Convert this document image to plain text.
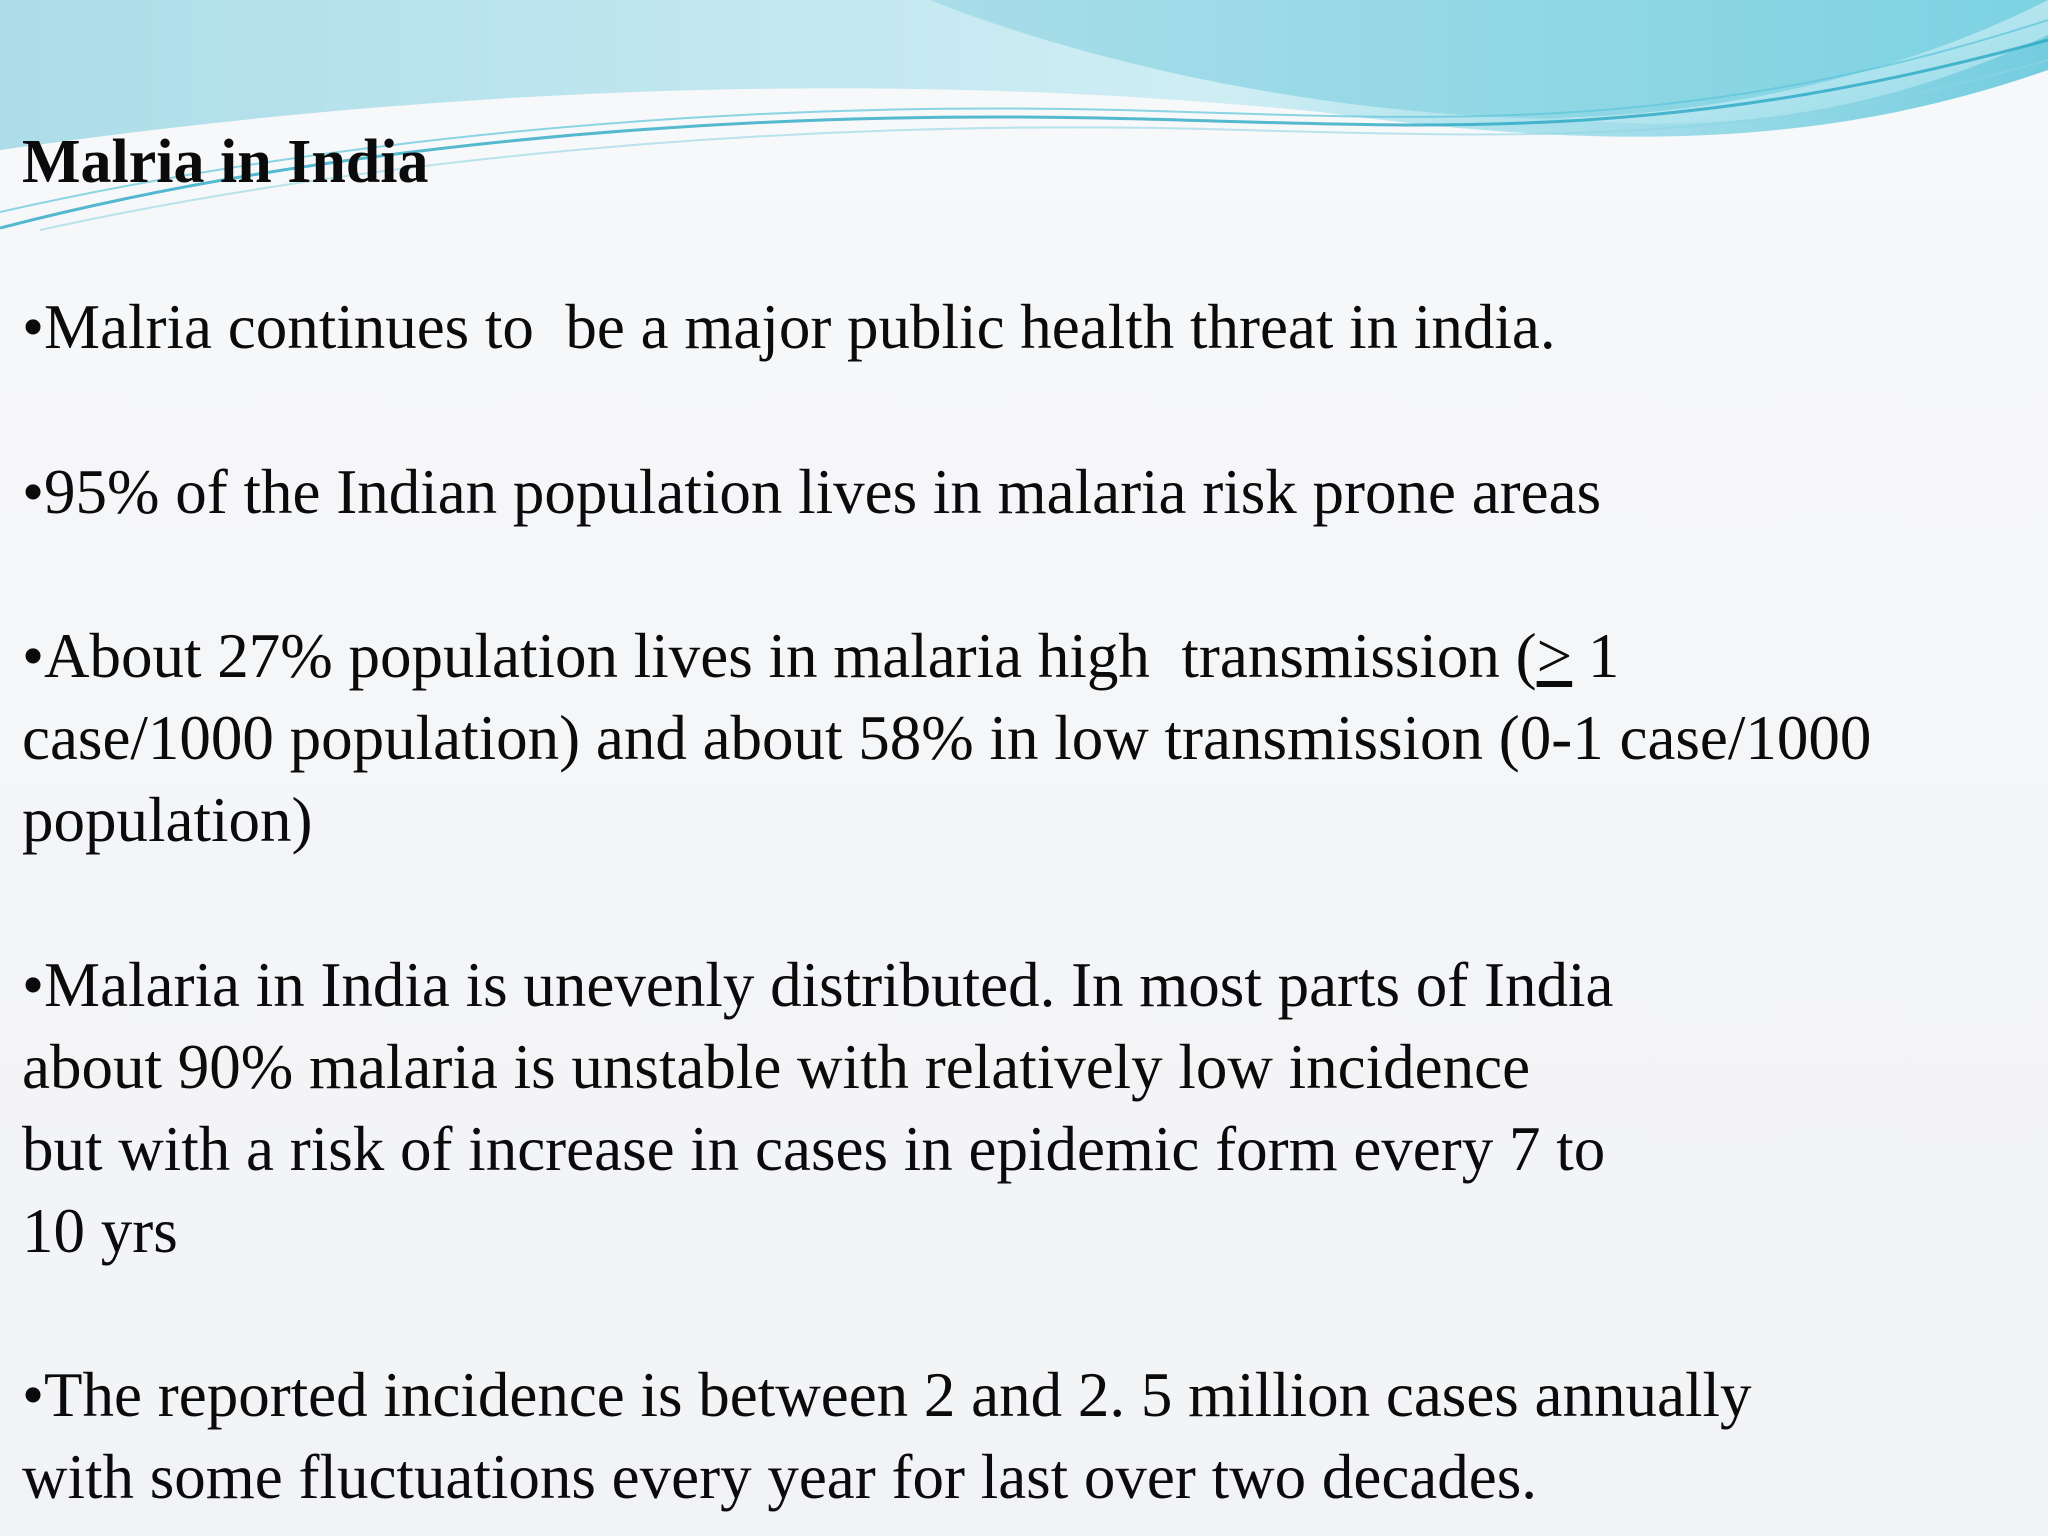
Malria in India

•Malria continues to  be a major public health threat in india.

•95% of the Indian population lives in malaria risk prone areas

•About 27% population lives in malaria high  transmission (≥ 1
case/1000 population) and about 58% in low transmission (0-1 case/1000
population)

•Malaria in India is unevenly distributed. In most parts of India
about 90% malaria is unstable with relatively low incidence
but with a risk of increase in cases in epidemic form every 7 to
10 yrs

•The reported incidence is between 2 and 2. 5 million cases annually
with some fluctuations every year for last over two decades.
